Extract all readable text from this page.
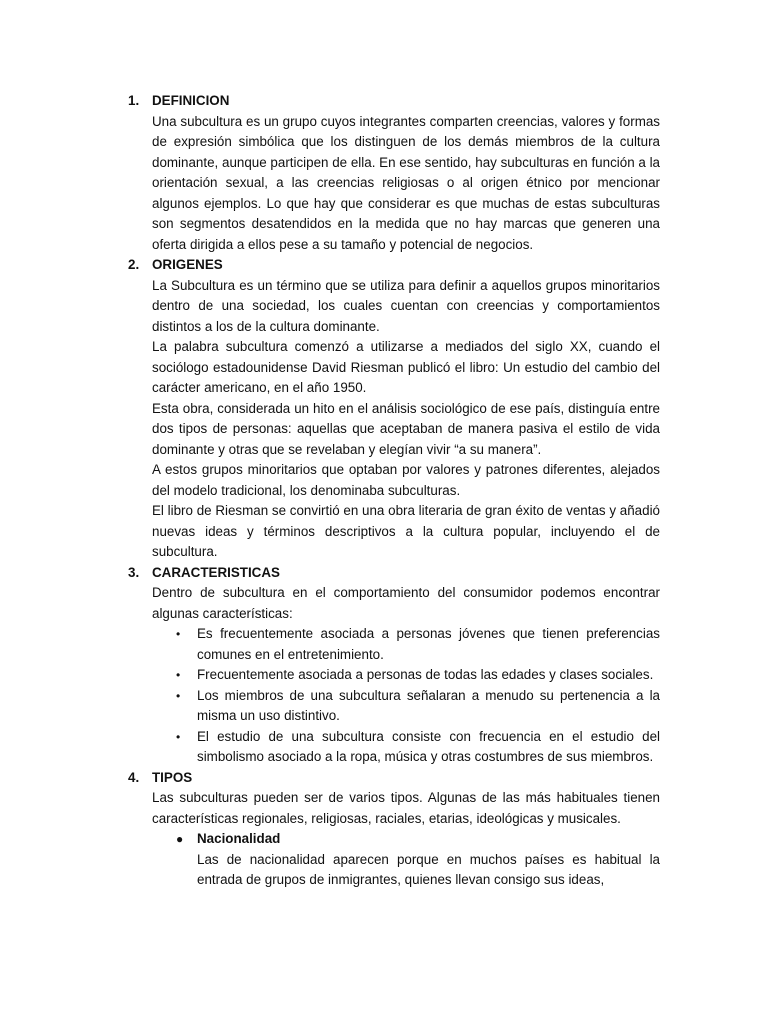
1. DEFINICION
Una subcultura es un grupo cuyos integrantes comparten creencias, valores y formas de expresión simbólica que los distinguen de los demás miembros de la cultura dominante, aunque participen de ella. En ese sentido, hay subculturas en función a la orientación sexual, a las creencias religiosas o al origen étnico por mencionar algunos ejemplos. Lo que hay que considerar es que muchas de estas subculturas son segmentos desatendidos en la medida que no hay marcas que generen una oferta dirigida a ellos pese a su tamaño y potencial de negocios.
2. ORIGENES
La Subcultura es un término que se utiliza para definir a aquellos grupos minoritarios dentro de una sociedad, los cuales cuentan con creencias y comportamientos distintos a los de la cultura dominante.
La palabra subcultura comenzó a utilizarse a mediados del siglo XX, cuando el sociólogo estadounidense David Riesman publicó el libro: Un estudio del cambio del carácter americano, en el año 1950.
Esta obra, considerada un hito en el análisis sociológico de ese país, distinguía entre dos tipos de personas: aquellas que aceptaban de manera pasiva el estilo de vida dominante y otras que se revelaban y elegían vivir “a su manera”.
A estos grupos minoritarios que optaban por valores y patrones diferentes, alejados del modelo tradicional, los denominaba subculturas.
El libro de Riesman se convirtió en una obra literaria de gran éxito de ventas y añadió nuevas ideas y términos descriptivos a la cultura popular, incluyendo el de subcultura.
3. CARACTERISTICAS
Dentro de subcultura en el comportamiento del consumidor podemos encontrar algunas características:
•	Es frecuentemente asociada a personas jóvenes que tienen preferencias comunes en el entretenimiento.
•	Frecuentemente asociada a personas de todas las edades y clases sociales.
•	Los miembros de una subcultura señalaran a menudo su pertenencia a la misma un uso distintivo.
•	El estudio de una subcultura consiste con frecuencia en el estudio del simbolismo asociado a la ropa, música y otras costumbres de sus miembros.
4. TIPOS
Las subculturas pueden ser de varios tipos. Algunas de las más habituales tienen características regionales, religiosas, raciales, etarias, ideológicas y musicales.
●	Nacionalidad
Las de nacionalidad aparecen porque en muchos países es habitual la entrada de grupos de inmigrantes, quienes llevan consigo sus ideas,
